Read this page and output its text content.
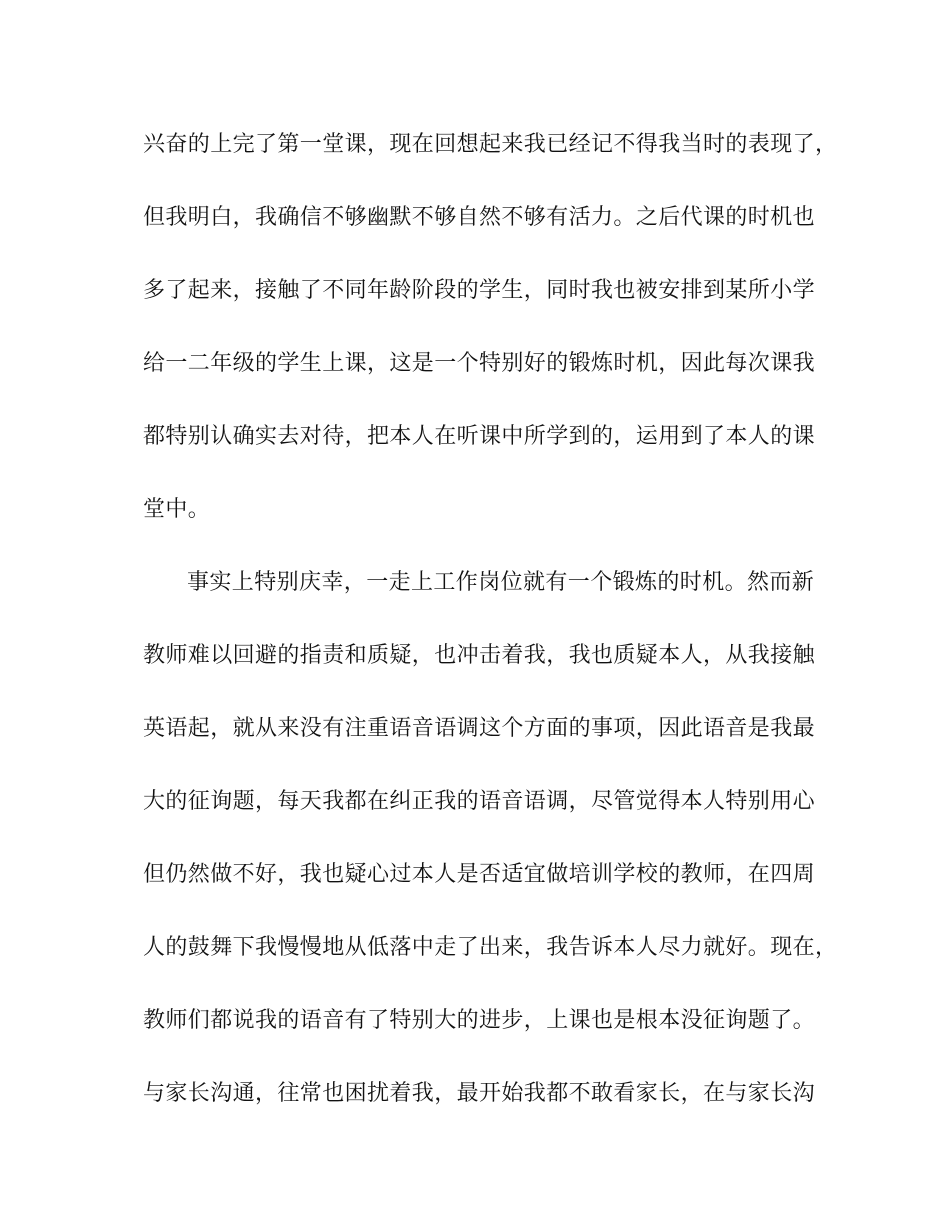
兴奋的上完了第一堂课，现在回想起来我已经记不得我当时的表现了，
但我明白，我确信不够幽默不够自然不够有活力。之后代课的时机也
多了起来，接触了不同年龄阶段的学生，同时我也被安排到某所小学
给一二年级的学生上课，这是一个特别好的锻炼时机，因此每次课我
都特别认确实去对待，把本人在听课中所学到的，运用到了本人的课
堂中。
事实上特别庆幸，一走上工作岗位就有一个锻炼的时机。然而新
教师难以回避的指责和质疑，也冲击着我，我也质疑本人，从我接触
英语起，就从来没有注重语音语调这个方面的事项，因此语音是我最
大的征询题，每天我都在纠正我的语音语调，尽管觉得本人特别用心
但仍然做不好，我也疑心过本人是否适宜做培训学校的教师，在四周
人的鼓舞下我慢慢地从低落中走了出来，我告诉本人尽力就好。现在，
教师们都说我的语音有了特别大的进步，上课也是根本没征询题了。
与家长沟通，往常也困扰着我，最开始我都不敢看家长，在与家长沟
